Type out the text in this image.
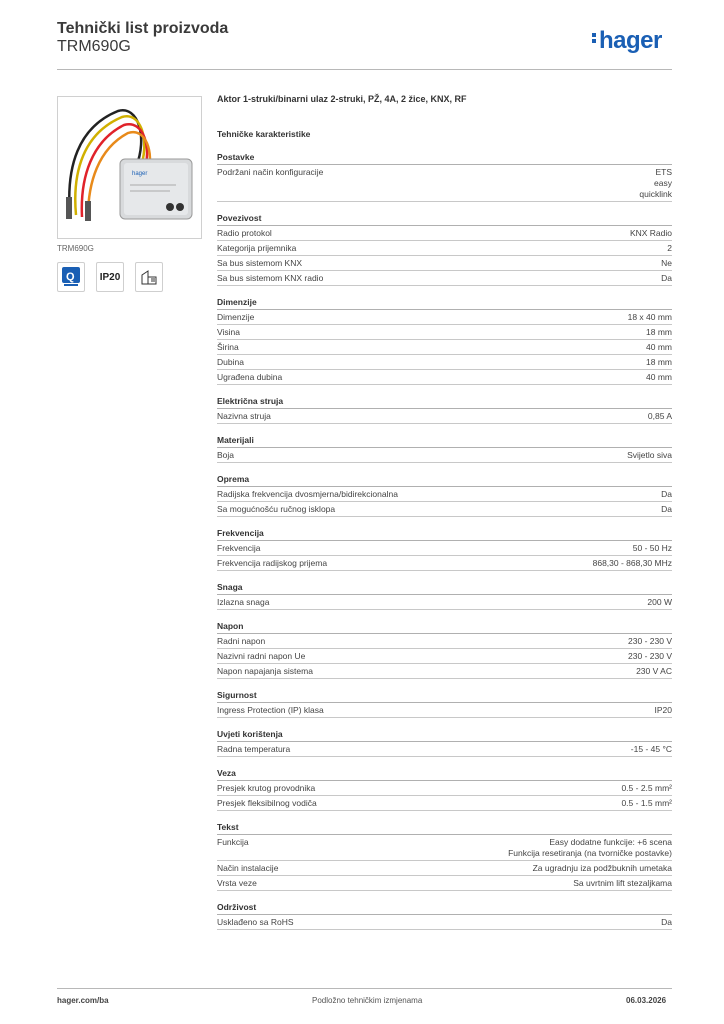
Tehnički list proizvoda
TRM690G	hager
hager
TRM690G
Q	IP20
Aktor 1-struki/binarni ulaz 2-struki, PŽ, 4A, 2 žice, KNX, RF
Tehničke karakteristike
Postavke
Podržani način konfiguracije	ETS
easy
quicklink
Povezivost
Radio protokol	KNX Radio
Kategorija prijemnika	2
Sa bus sistemom KNX	Ne
Sa bus sistemom KNX radio	Da
Dimenzije
Dimenzije	18 x 40 mm
Visina	18 mm
Širina	40 mm
Dubina	18 mm
Ugrađena dubina	40 mm
Električna struja
Nazivna struja	0,85 A
Materijali
Boja	Svijetlo siva
Oprema
Radijska frekvencija dvosmjerna/bidirekcionalna	Da
Sa mogućnošću ručnog isklopa	Da
Frekvencija
Frekvencija	50 - 50 Hz
Frekvencija radijskog prijema	868,30 - 868,30 MHz
Snaga
Izlazna snaga	200 W
Napon
Radni napon	230 - 230 V
Nazivni radni napon Ue	230 - 230 V
Napon napajanja sistema	230 V AC
Sigurnost
Ingress Protection (IP) klasa	IP20
Uvjeti korištenja
Radna temperatura	-15 - 45 °C
Veza
Presjek krutog provodnika	0.5 - 2.5 mm²
Presjek fleksibilnog vodiča	0.5 - 1.5 mm²
Tekst
Funkcija	Easy dodatne funkcije: +6 scena
Funkcija resetiranja (na tvorničke postavke)
Način instalacije	Za ugradnju iza podžbuknih umetaka
Vrsta veze	Sa uvrtnim lift stezaljkama
Održivost
Usklađeno sa RoHS	Da
hager.com/ba	Podložno tehničkim izmjenama	06.03.2026
